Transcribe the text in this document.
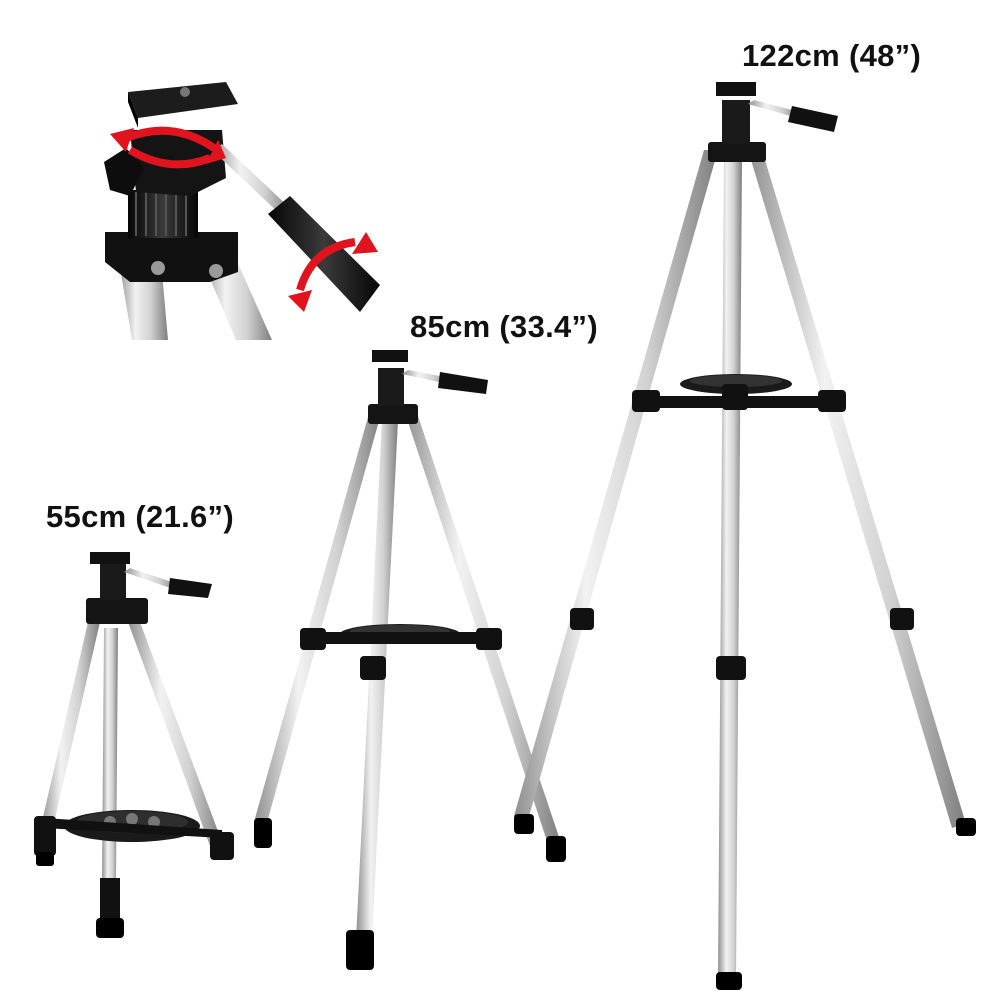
122cm (48”)
85cm (33.4”)
55cm (21.6”)
